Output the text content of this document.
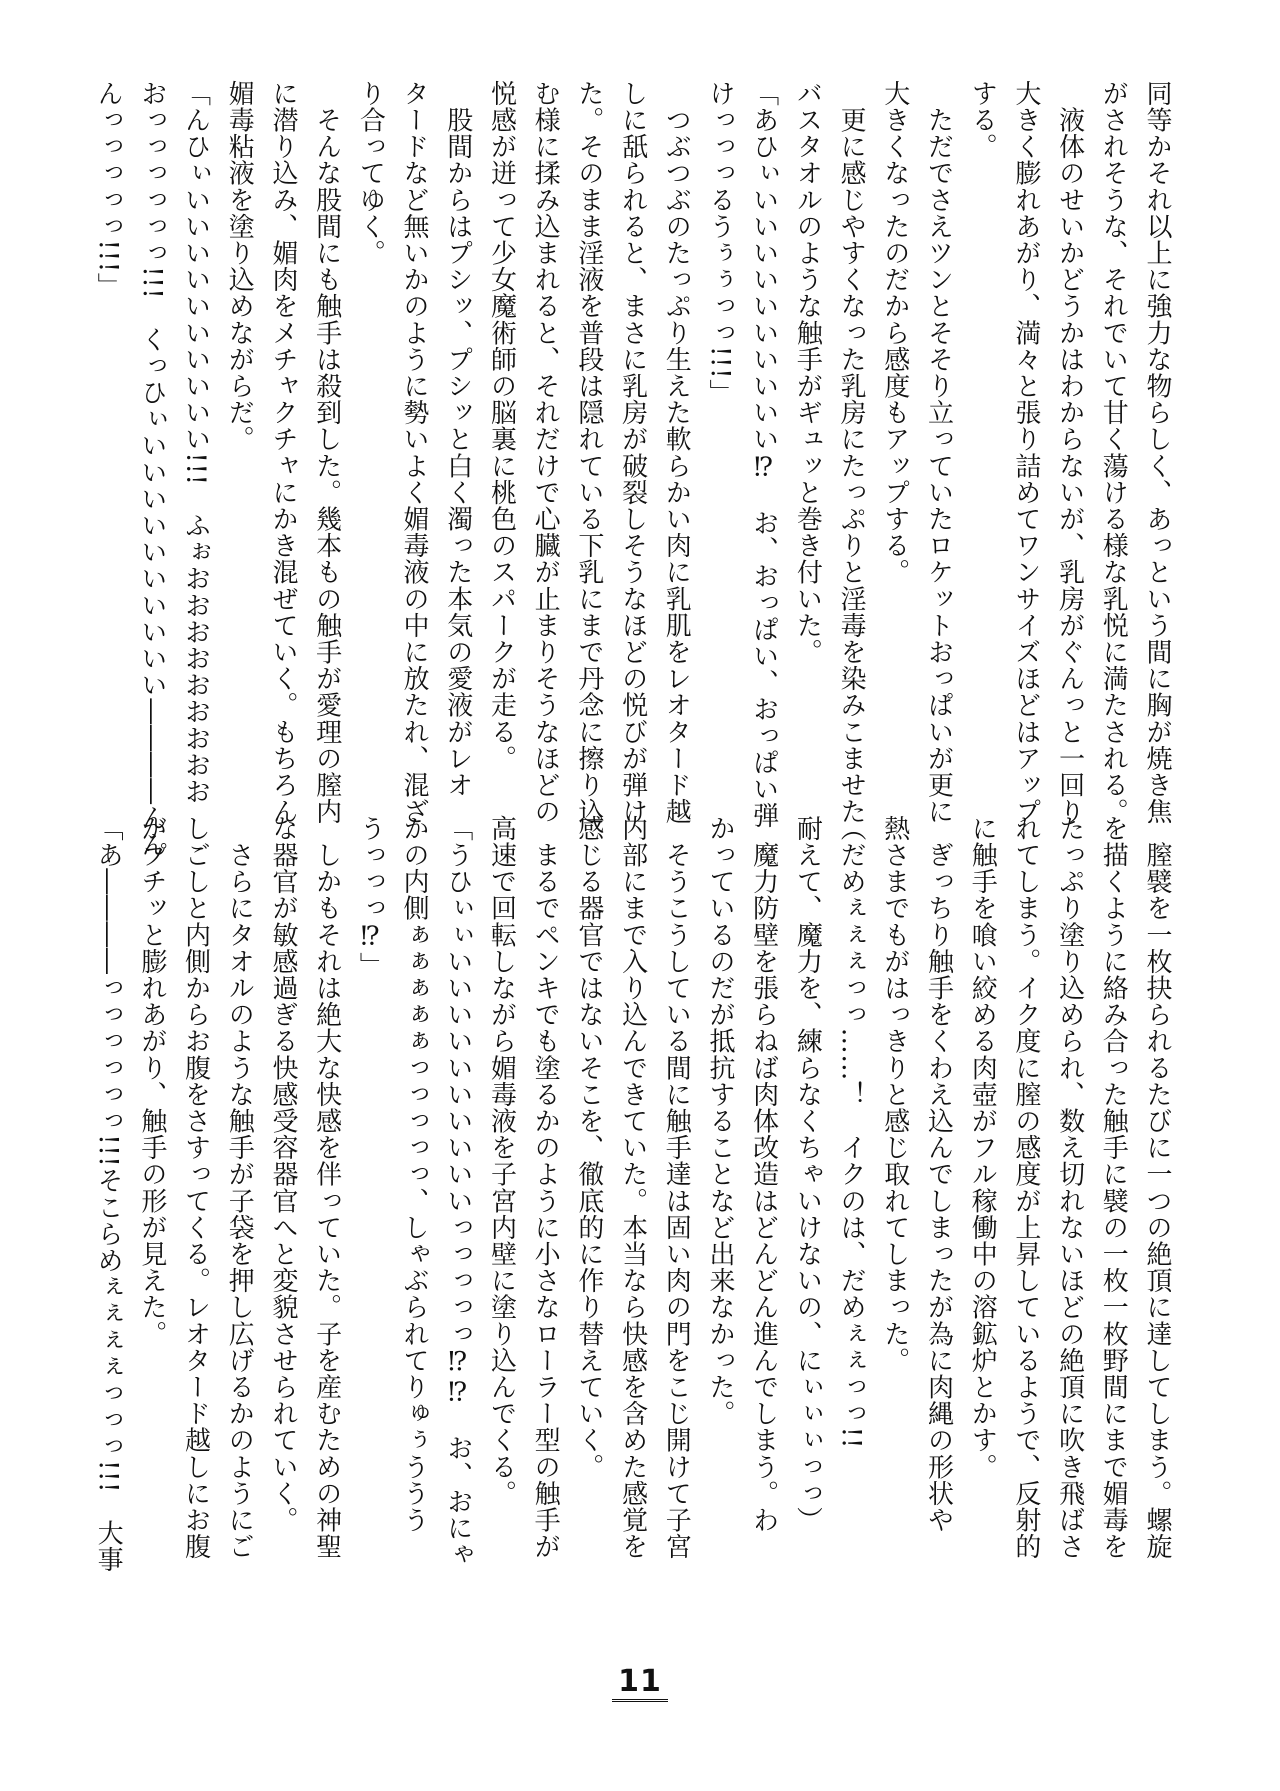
同等かそれ以上に強力な物らしく、あっという間に胸が焼き焦
がされそうな、それでいて甘く蕩ける様な乳悦に満たされる。
　液体のせいかどうかはわからないが、乳房がぐんっと一回り
大きく膨れあがり、満々と張り詰めてワンサイズほどはアップ
する。
　ただでさえツンとそそり立っていたロケットおっぱいが更に
大きくなったのだから感度もアップする。
　更に感じやすくなった乳房にたっぷりと淫毒を染みこませた
バスタオルのような触手がギュッと巻き付いた。
「あひぃいいいいいいいいいい⁉　お、おっぱい、おっぱい弾
けっっっるうぅぅっっ!!!」
　つぶつぶのたっぷり生えた軟らかい肉に乳肌をレオタード越
しに舐られると、まさに乳房が破裂しそうなほどの悦びが弾け
た。そのまま淫液を普段は隠れている下乳にまで丹念に擦り込
む様に揉み込まれると、それだけで心臓が止まりそうなほどの
悦感が迸って少女魔術師の脳裏に桃色のスパークが走る。
　股間からはプシッ、プシッと白く濁った本気の愛液がレオ
タードなど無いかのように勢いよく媚毒液の中に放たれ、混ざ
り合ってゆく。
　そんな股間にも触手は殺到した。幾本もの触手が愛理の膣内
に潜り込み、媚肉をメチャクチャにかき混ぜていく。もちろん
媚毒粘液を塗り込めながらだ。
「んひぃいいいいいいいいいい!!!　ふぉおおおおおおおおお
おっっっっっっ!!!　くっひぃいいいいいいいいいい――――んん
んっっっっっ!!!」
　膣襞を一枚抉られるたびに一つの絶頂に達してしまう。螺旋
を描くように絡み合った触手に襞の一枚一枚野間にまで媚毒を
たっぷり塗り込められ、数え切れないほどの絶頂に吹き飛ばさ
れてしまう。イク度に膣の感度が上昇しているようで、反射的
に触手を喰い絞める肉壺がフル稼働中の溶鉱炉とかす。
　ぎっちり触手をくわえ込んでしまったが為に肉縄の形状や
熱さまでもがはっきりと感じ取れてしまった。
（だめぇぇぇっっ……！　イクのは、だめぇぇっっ!!
耐えて、魔力を、練らなくちゃいけないの、にぃぃぃっっ）
　魔力防壁を張らねば肉体改造はどんどん進んでしまう。わ
かっているのだが抵抗することなど出来なかった。
　そうこうしている間に触手達は固い肉の門をこじ開けて子宮
内部にまで入り込んできていた。本当なら快感を含めた感覚を
感じる器官ではないそこを、徹底的に作り替えていく。
　まるでペンキでも塗るかのように小さなローラー型の触手が
高速で回転しながら媚毒液を子宮内壁に塗り込んでくる。
「うひぃぃいいいいいいいいいいっっっっっ⁉⁉　お、おにゃ
かの内側ぁぁぁぁぁっっっっっ、しゃぶられてりゅぅううう
うっっっ⁉」
　しかもそれは絶大な快感を伴っていた。子を産むための神聖
な器官が敏感過ぎる快感受容器官へと変貌させられていく。
　さらにタオルのような触手が子袋を押し広げるかのようにご
しごしと内側からお腹をさすってくる。レオタード越しにお腹
がプチッと膨れあがり、触手の形が見えた。
「あ――――っっっっっっ!!!そこらめぇぇぇぇっっっ!!!　大事
11
